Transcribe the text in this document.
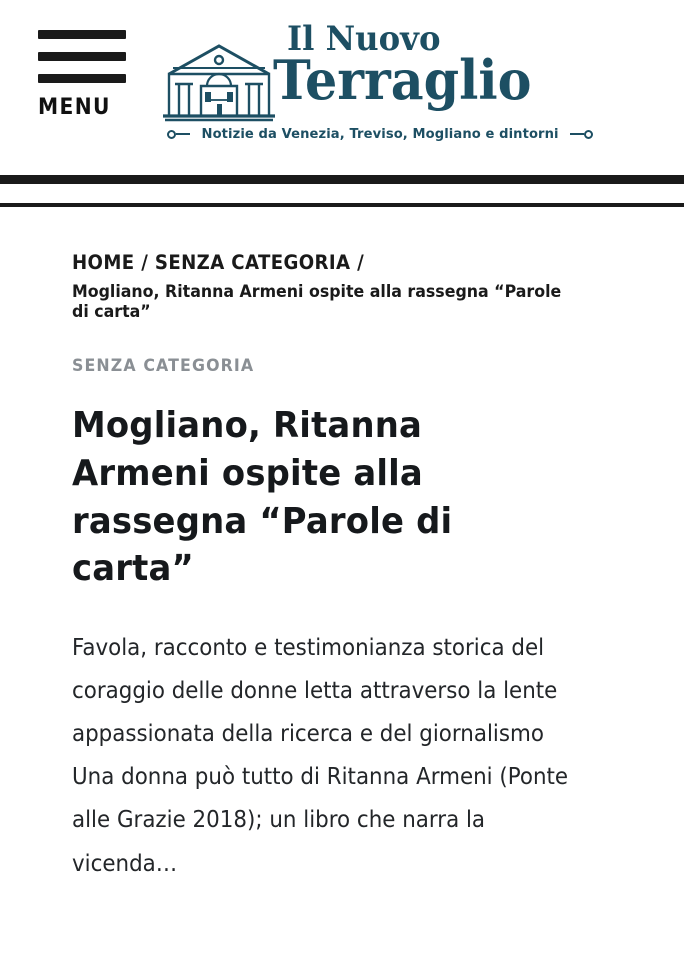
MENU
Il Nuovo
Terraglio
Notizie da Venezia, Treviso, Mogliano e dintorni
HOME / SENZA CATEGORIA /
Mogliano, Ritanna Armeni ospite alla rassegna “Parole di carta”
SENZA CATEGORIA
Mogliano, Ritanna Armeni ospite alla rassegna “Parole di carta”

Favola, racconto e testimonianza storica del coraggio delle donne letta attraverso la lente appassionata della ricerca e del giornalismo Una donna può tutto di Ritanna Armeni (Ponte alle Grazie 2018); un libro che narra la vicenda…
